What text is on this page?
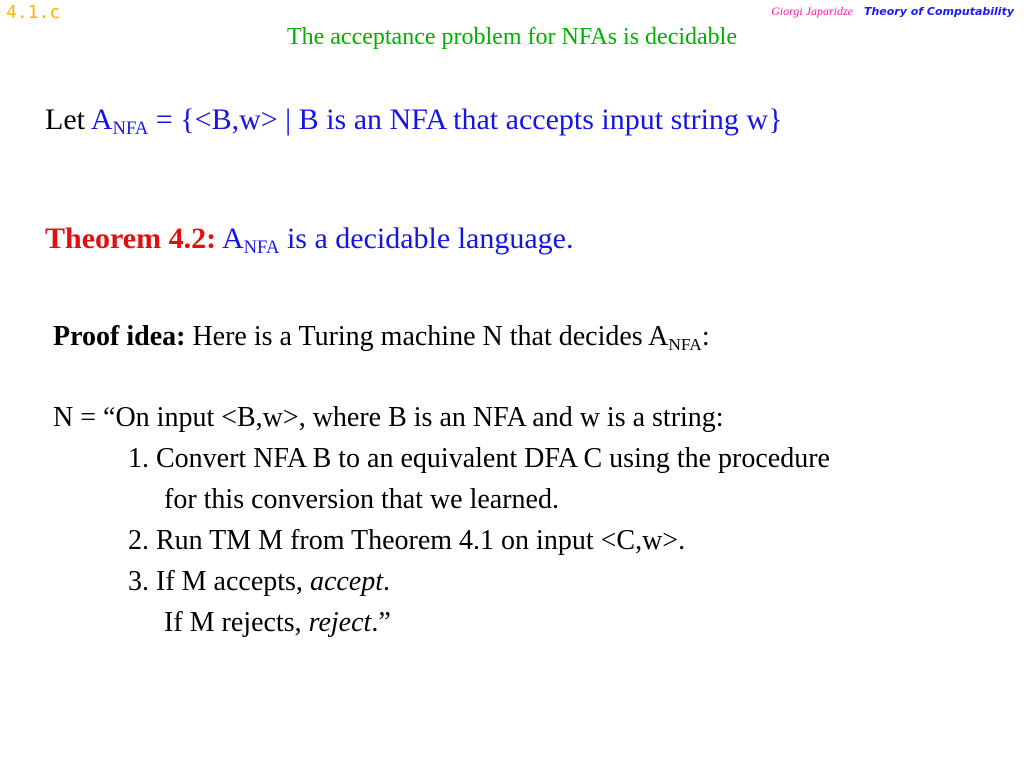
4.1.c	Giorgi Japaridze Theory of Computability
The acceptance problem for NFAs is decidable
Let $A_{NFA} = \{<B,w>$ | B is an NFA that accepts input string w}
Theorem 4.2: $A_{NFA}$ is a decidable language.
Proof idea: Here is a Turing machine N that decides $A_{NFA}$:
N = “On input <B,w>, where B is an NFA and w is a string:
1. Convert NFA B to an equivalent DFA C using the procedure
for this conversion that we learned.
2. Run TM M from Theorem 4.1 on input <C,w>.
3. If M accepts, accept.
If M rejects, reject.”
